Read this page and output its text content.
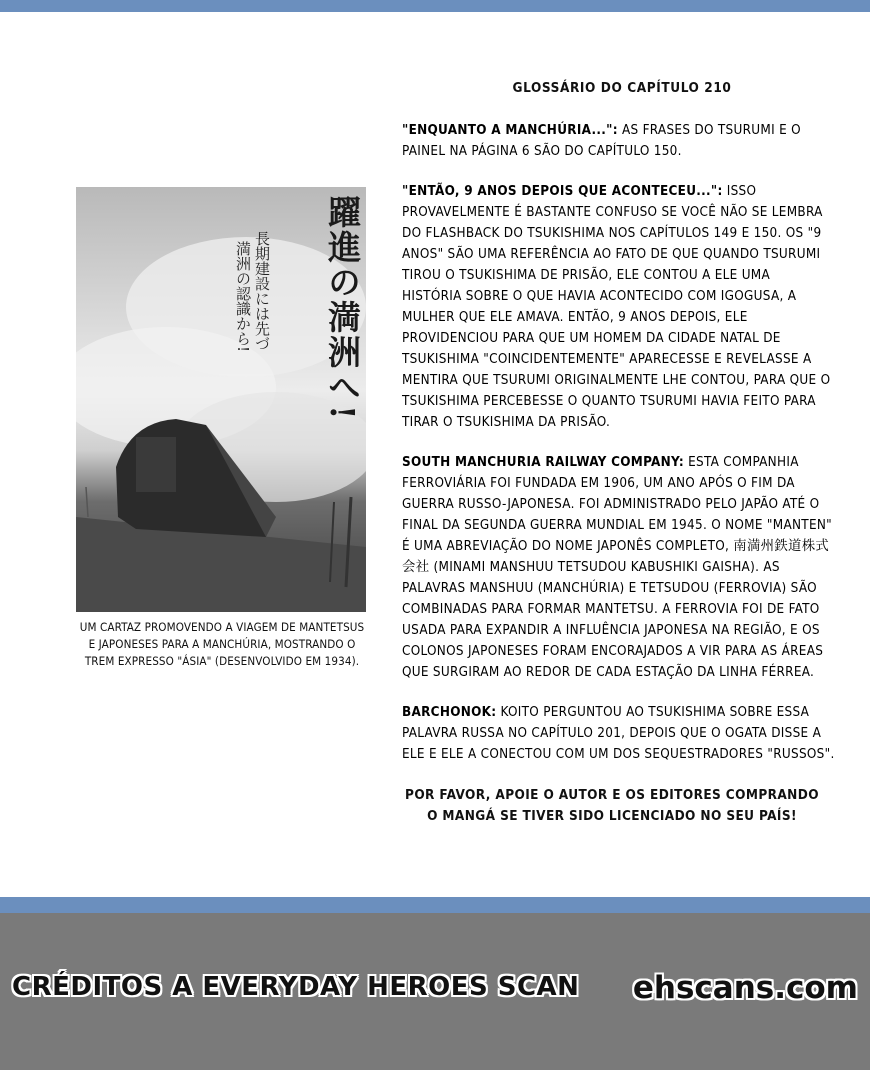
躍進の満洲へ!
長期建設には先づ
満洲の認識から!
UM CARTAZ PROMOVENDO A VIAGEM DE MANTETSUS E JAPONESES PARA A MANCHÚRIA, MOSTRANDO O TREM EXPRESSO "ÁSIA" (DESENVOLVIDO EM 1934).
GLOSSÁRIO DO CAPÍTULO 210
"ENQUANTO A MANCHÚRIA...": AS FRASES DO TSURUMI E O PAINEL NA PÁGINA 6 SÃO DO CAPÍTULO 150.
"ENTÃO, 9 ANOS DEPOIS QUE ACONTECEU...": ISSO PROVAVELMENTE É BASTANTE CONFUSO SE VOCÊ NÃO SE LEMBRA DO FLASHBACK DO TSUKISHIMA NOS CAPÍTULOS 149 E 150. OS "9 ANOS" SÃO UMA REFERÊNCIA AO FATO DE QUE QUANDO TSURUMI TIROU O TSUKISHIMA DE PRISÃO, ELE CONTOU A ELE UMA HISTÓRIA SOBRE O QUE HAVIA ACONTECIDO COM IGOGUSA, A MULHER QUE ELE AMAVA. ENTÃO, 9 ANOS DEPOIS, ELE PROVIDENCIOU PARA QUE UM HOMEM DA CIDADE NATAL DE TSUKISHIMA "COINCIDENTEMENTE" APARECESSE E REVELASSE A MENTIRA QUE TSURUMI ORIGINALMENTE LHE CONTOU, PARA QUE O TSUKISHIMA PERCEBESSE O QUANTO TSURUMI HAVIA FEITO PARA TIRAR O TSUKISHIMA DA PRISÃO.
SOUTH MANCHURIA RAILWAY COMPANY: ESTA COMPANHIA FERROVIÁRIA FOI FUNDADA EM 1906, UM ANO APÓS O FIM DA GUERRA RUSSO-JAPONESA. FOI ADMINISTRADO PELO JAPÃO ATÉ O FINAL DA SEGUNDA GUERRA MUNDIAL EM 1945. O NOME "MANTEN" É UMA ABREVIAÇÃO DO NOME JAPONÊS COMPLETO, 南満州鉄道株式会社 (MINAMI MANSHUU TETSUDOU KABUSHIKI GAISHA). AS PALAVRAS MANSHUU (MANCHÚRIA) E TETSUDOU (FERROVIA) SÃO COMBINADAS PARA FORMAR MANTETSU. A FERROVIA FOI DE FATO USADA PARA EXPANDIR A INFLUÊNCIA JAPONESA NA REGIÃO, E OS COLONOS JAPONESES FORAM ENCORAJADOS A VIR PARA AS ÁREAS QUE SURGIRAM AO REDOR DE CADA ESTAÇÃO DA LINHA FÉRREA.
BARCHONOK: KOITO PERGUNTOU AO TSUKISHIMA SOBRE ESSA PALAVRA RUSSA NO CAPÍTULO 201, DEPOIS QUE O OGATA DISSE A ELE E ELE A CONECTOU COM UM DOS SEQUESTRADORES "RUSSOS".
POR FAVOR, APOIE O AUTOR E OS EDITORES COMPRANDO O MANGÁ SE TIVER SIDO LICENCIADO NO SEU PAÍS!
CRÉDITOS A EVERYDAY HEROES SCAN ehscans.com
